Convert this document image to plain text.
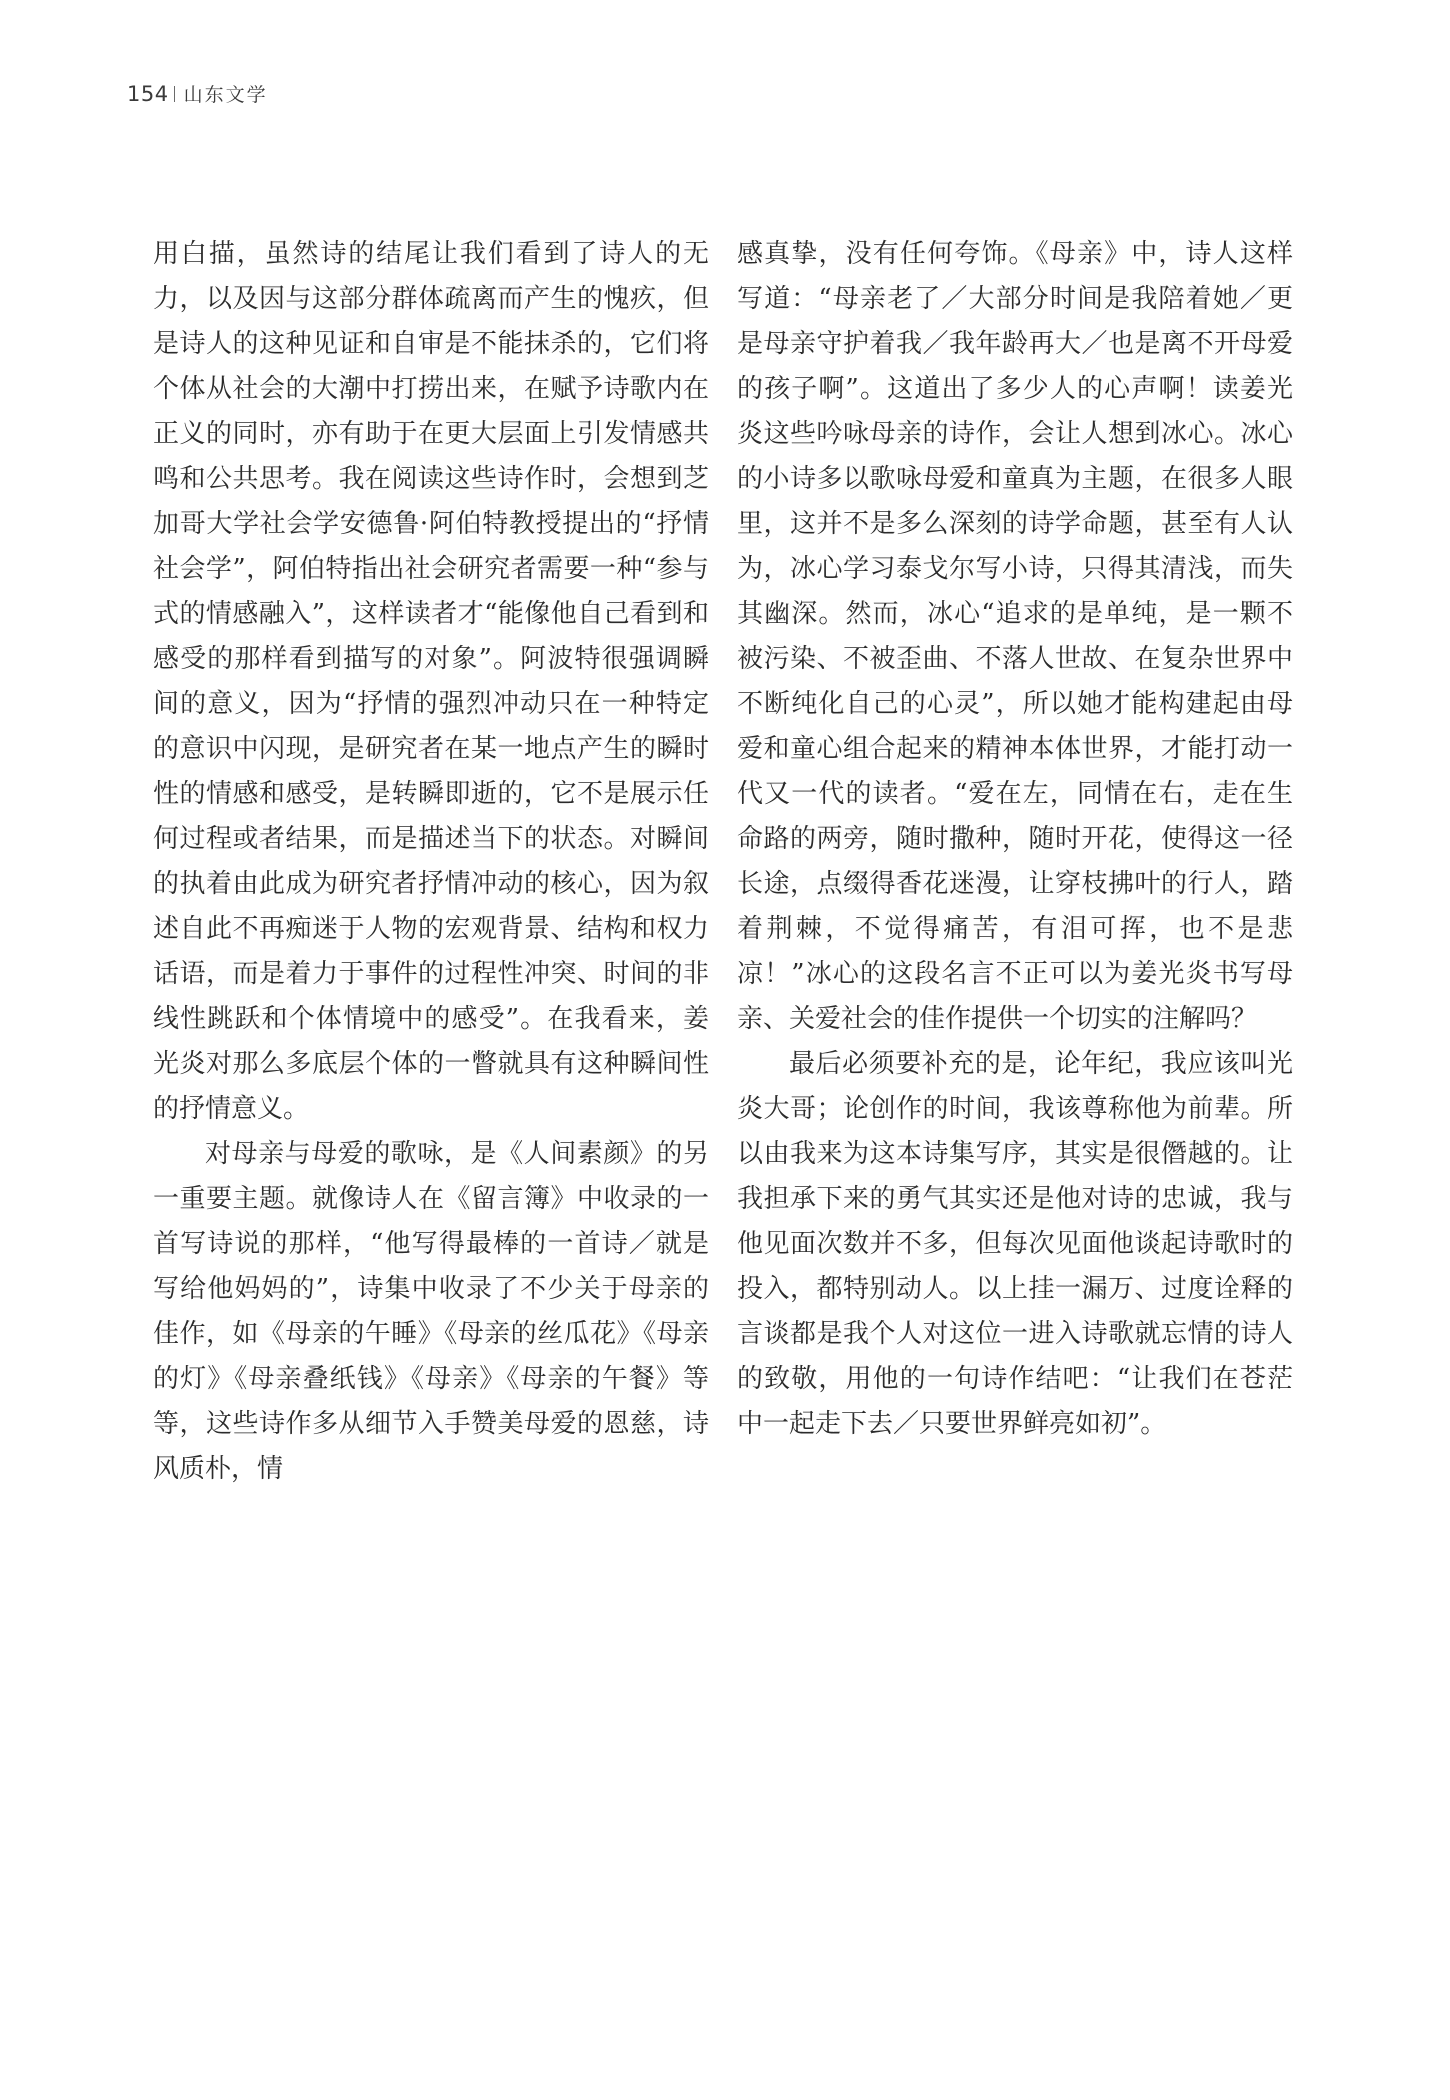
154 山东文学

用白描，虽然诗的结尾让我们看到了诗人的无力，以及因与这部分群体疏离而产生的愧疚，但是诗人的这种见证和自审是不能抹杀的，它们将个体从社会的大潮中打捞出来，在赋予诗歌内在正义的同时，亦有助于在更大层面上引发情感共鸣和公共思考。我在阅读这些诗作时，会想到芝加哥大学社会学安德鲁·阿伯特教授提出的“抒情社会学”，阿伯特指出社会研究者需要一种“参与式的情感融入”，这样读者才“能像他自己看到和感受的那样看到描写的对象”。阿波特很强调瞬间的意义，因为“抒情的强烈冲动只在一种特定的意识中闪现，是研究者在某一地点产生的瞬时性的情感和感受，是转瞬即逝的，它不是展示任何过程或者结果，而是描述当下的状态。对瞬间的执着由此成为研究者抒情冲动的核心，因为叙述自此不再痴迷于人物的宏观背景、结构和权力话语，而是着力于事件的过程性冲突、时间的非线性跳跃和个体情境中的感受”。在我看来，姜光炎对那么多底层个体的一瞥就具有这种瞬间性的抒情意义。

对母亲与母爱的歌咏，是《人间素颜》的另一重要主题。就像诗人在《留言簿》中收录的一首写诗说的那样，“他写得最棒的一首诗／就是写给他妈妈的”，诗集中收录了不少关于母亲的佳作，如《母亲的午睡》《母亲的丝瓜花》《母亲的灯》《母亲叠纸钱》《母亲》《母亲的午餐》等等，这些诗作多从细节入手赞美母爱的恩慈，诗风质朴，情

感真挚，没有任何夸饰。《母亲》中，诗人这样写道：“母亲老了／大部分时间是我陪着她／更是母亲守护着我／我年龄再大／也是离不开母爱的孩子啊”。这道出了多少人的心声啊！读姜光炎这些吟咏母亲的诗作，会让人想到冰心。冰心的小诗多以歌咏母爱和童真为主题，在很多人眼里，这并不是多么深刻的诗学命题，甚至有人认为，冰心学习泰戈尔写小诗，只得其清浅，而失其幽深。然而，冰心“追求的是单纯，是一颗不被污染、不被歪曲、不落人世故、在复杂世界中不断纯化自己的心灵”，所以她才能构建起由母爱和童心组合起来的精神本体世界，才能打动一代又一代的读者。“爱在左，同情在右，走在生命路的两旁，随时撒种，随时开花，使得这一径长途，点缀得香花迷漫，让穿枝拂叶的行人，踏着荆棘，不觉得痛苦，有泪可挥，也不是悲凉！”冰心的这段名言不正可以为姜光炎书写母亲、关爱社会的佳作提供一个切实的注解吗？

最后必须要补充的是，论年纪，我应该叫光炎大哥；论创作的时间，我该尊称他为前辈。所以由我来为这本诗集写序，其实是很僭越的。让我担承下来的勇气其实还是他对诗的忠诚，我与他见面次数并不多，但每次见面他谈起诗歌时的投入，都特别动人。以上挂一漏万、过度诠释的言谈都是我个人对这位一进入诗歌就忘情的诗人的致敬，用他的一句诗作结吧：“让我们在苍茫中一起走下去／只要世界鲜亮如初”。
